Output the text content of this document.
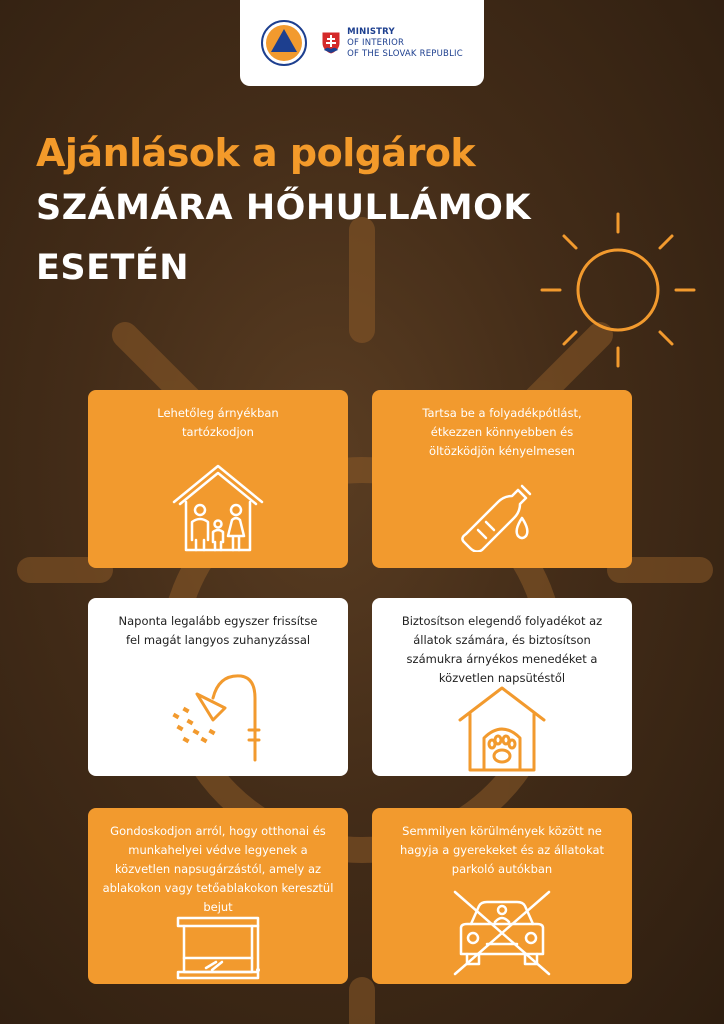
MINISTRY
OF INTERIOR
OF THE SLOVAK REPUBLIC
Ajánlások a polgárok
SZÁMÁRA HŐHULLÁMOK
ESETÉN
Lehetőleg árnyékban tartózkodjon
Tartsa be a folyadékpótlást, étkezzen könnyebben és öltözködjön kényelmesen
Naponta legalább egyszer frissítse fel magát langyos zuhanyzással
Biztosítson elegendő folyadékot az állatok számára, és biztosítson számukra árnyékos menedéket a közvetlen napsütéstől
Gondoskodjon arról, hogy otthonai és munkahelyei védve legyenek a közvetlen napsugárzástól, amely az ablakokon vagy tetőablakokon keresztül bejut
Semmilyen körülmények között ne hagyja a gyerekeket és az állatokat parkoló autókban
